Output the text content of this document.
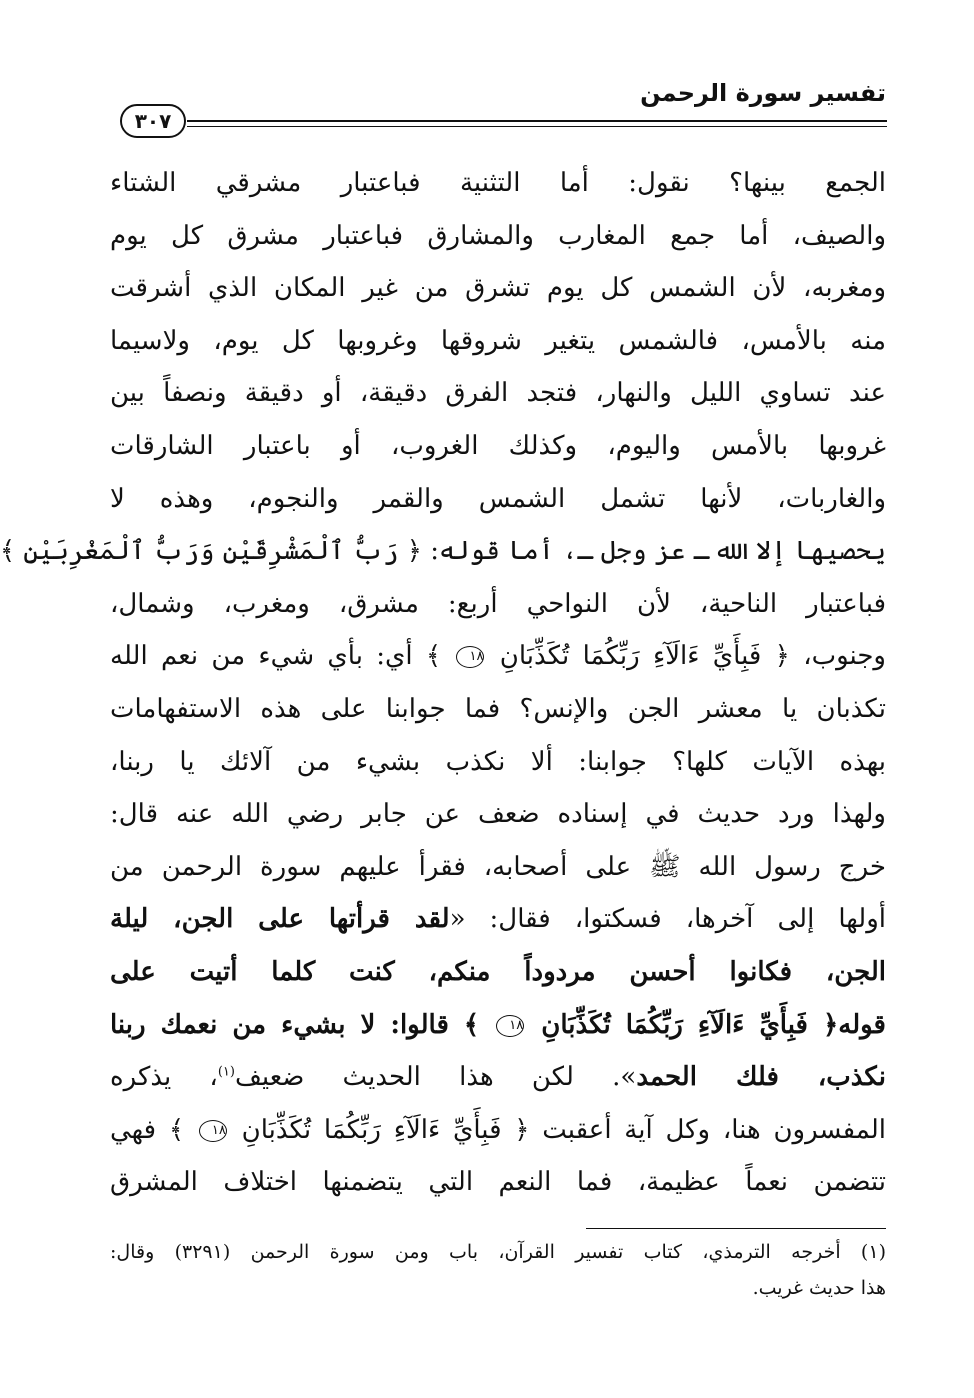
تفسير سورة الرحمن
٣٠٧
الجمع بينها؟ نقول: أما التثنية فباعتبار مشرقي الشتاء
والصيف، أما جمع المغارب والمشارق فباعتبار مشرق كل يوم
ومغربه، لأن الشمس كل يوم تشرق من غير المكان الذي أشرقت
منه بالأمس، فالشمس يتغير شروقها وغروبها كل يوم، ولاسيما
عند تساوي الليل والنهار، فتجد الفرق دقيقة، أو دقيقة ونصفاً بين
غروبها بالأمس واليوم، وكذلك الغروب، أو باعتبار الشارقات
والغاربات، لأنها تشمل الشمس والقمر والنجوم، وهذه لا
يحصيها إلا الله ـ عز وجل ـ، أما قوله: ﴿ رَبُّ ٱلْمَشْرِقَيْنِ وَرَبُّ ٱلْمَغْرِبَيْنِ ﴾
فباعتبار الناحية، لأن النواحي أربع: مشرق، ومغرب، وشمال،
وجنوب، ﴿ فَبِأَيِّ ءَالَآءِ رَبِّكُمَا تُكَذِّبَانِ ١٨ ﴾ أي: بأي شيء من نعم الله
تكذبان يا معشر الجن والإنس؟ فما جوابنا على هذه الاستفهامات
بهذه الآيات كلها؟ جوابنا: ألا نكذب بشيء من آلائك يا ربنا،
ولهذا ورد حديث في إسناده ضعف عن جابر رضي الله عنه قال:
خرج رسول الله ﷺ على أصحابه، فقرأ عليهم سورة الرحمن من
أولها إلى آخرها، فسكتوا، فقال: «لقد قرأتها على الجن، ليلة
الجن، فكانوا أحسن مردوداً منكم، كنت كلما أتيت على
قوله﴿ فَبِأَيِّ ءَالَآءِ رَبِّكُمَا تُكَذِّبَانِ ١٨ ﴾ قالوا: لا بشيء من نعمك ربنا
نكذب، فلك الحمد». لكن هذا الحديث ضعيف$^{(١)}$، يذكره
المفسرون هنا، وكل آية أعقبت ﴿ فَبِأَيِّ ءَالَآءِ رَبِّكُمَا تُكَذِّبَانِ ١٨ ﴾ فهي
تتضمن نعماً عظيمة، فما النعم التي يتضمنها اختلاف المشرق
(١) أخرجه الترمذي، كتاب تفسير القرآن، باب ومن سورة الرحمن (٣٢٩١) وقال:
هذا حديث غريب.
